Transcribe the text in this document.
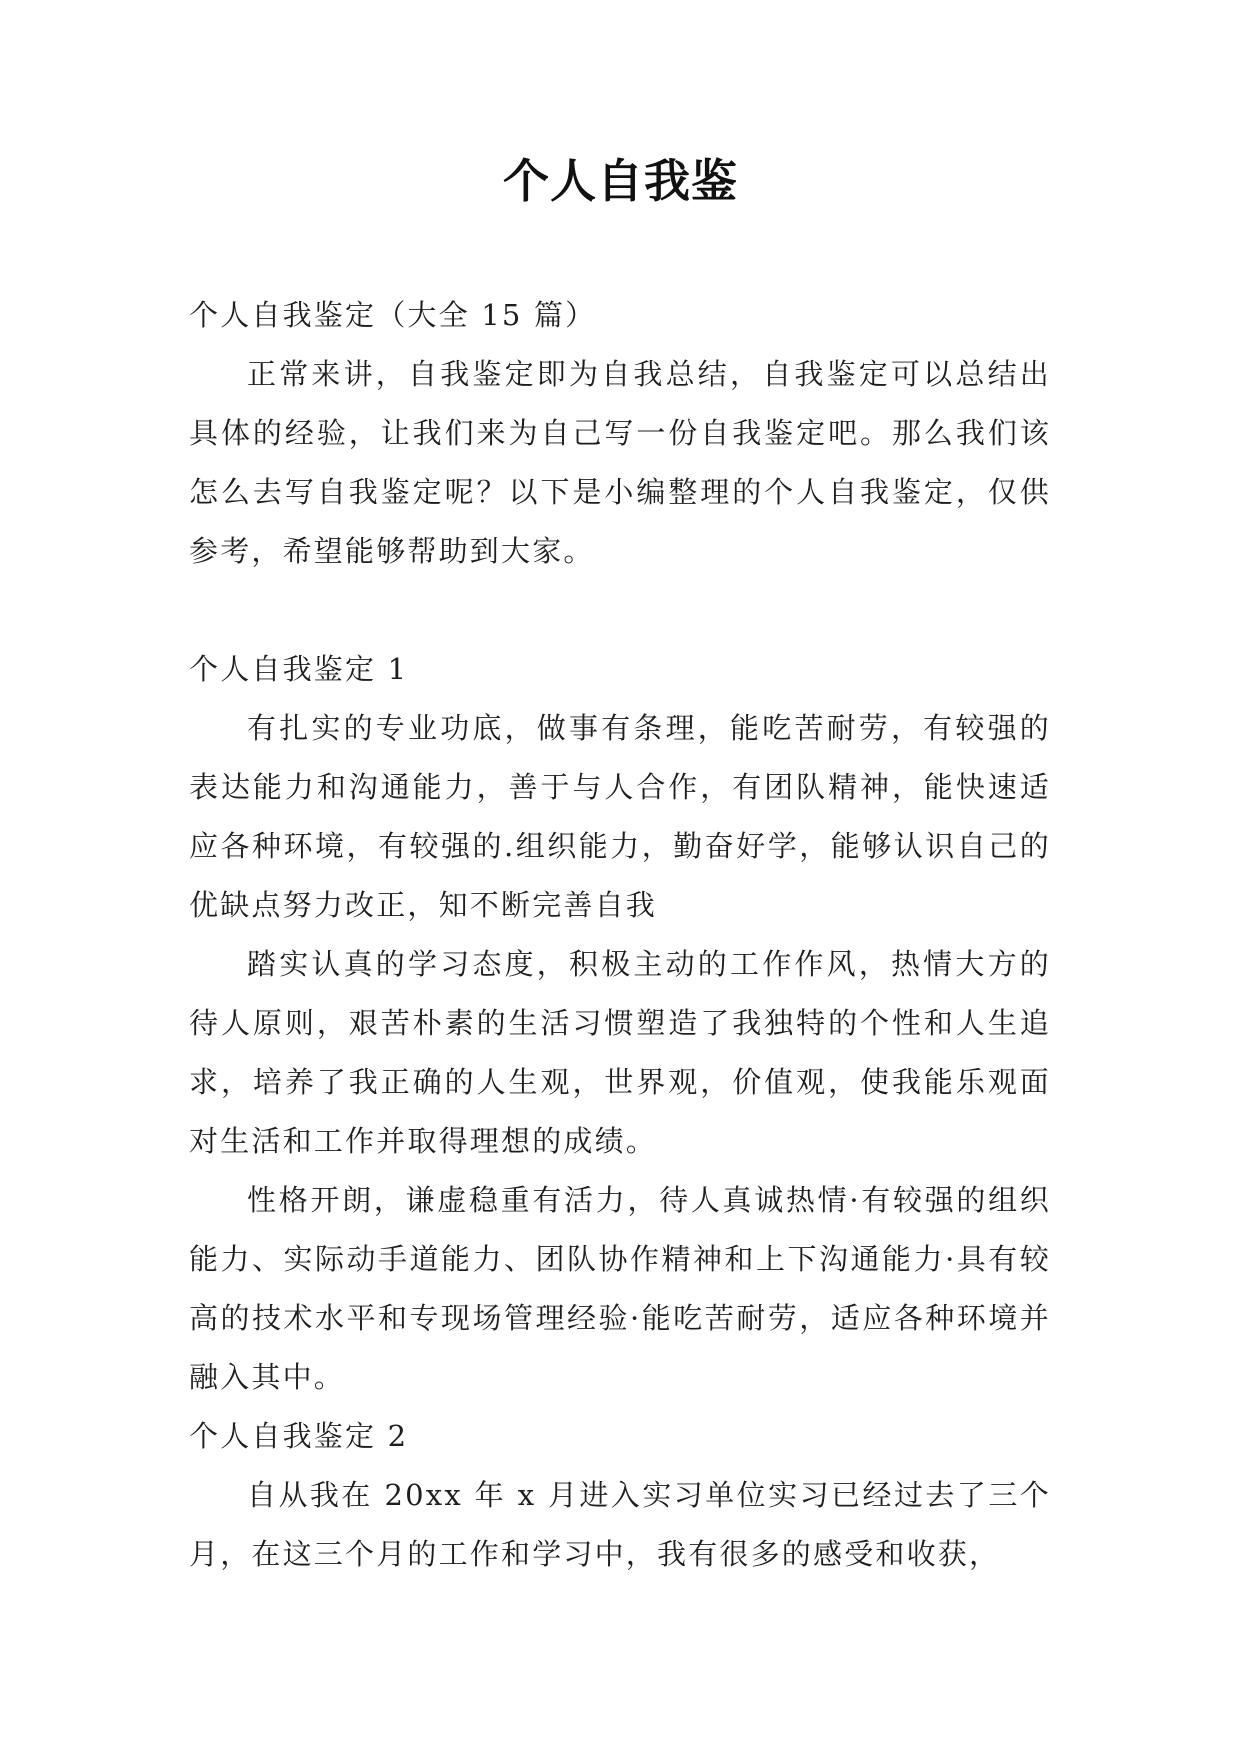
个人自我鉴
个人自我鉴定（大全 15 篇）

正常来讲，自我鉴定即为自我总结，自我鉴定可以总结出具体的经验，让我们来为自己写一份自我鉴定吧。那么我们该怎么去写自我鉴定呢？以下是小编整理的个人自我鉴定，仅供参考，希望能够帮助到大家。

个人自我鉴定 1

有扎实的专业功底，做事有条理，能吃苦耐劳，有较强的表达能力和沟通能力，善于与人合作，有团队精神，能快速适应各种环境，有较强的.组织能力，勤奋好学，能够认识自己的优缺点努力改正，知不断完善自我

踏实认真的学习态度，积极主动的工作作风，热情大方的待人原则，艰苦朴素的生活习惯塑造了我独特的个性和人生追求，培养了我正确的人生观，世界观，价值观，使我能乐观面对生活和工作并取得理想的成绩。

性格开朗，谦虚稳重有活力，待人真诚热情·有较强的组织能力、实际动手道能力、团队协作精神和上下沟通能力·具有较高的技术水平和专现场管理经验·能吃苦耐劳，适应各种环境并融入其中。

个人自我鉴定 2

自从我在 20xx 年 x 月进入实习单位实习已经过去了三个月，在这三个月的工作和学习中，我有很多的感受和收获，
